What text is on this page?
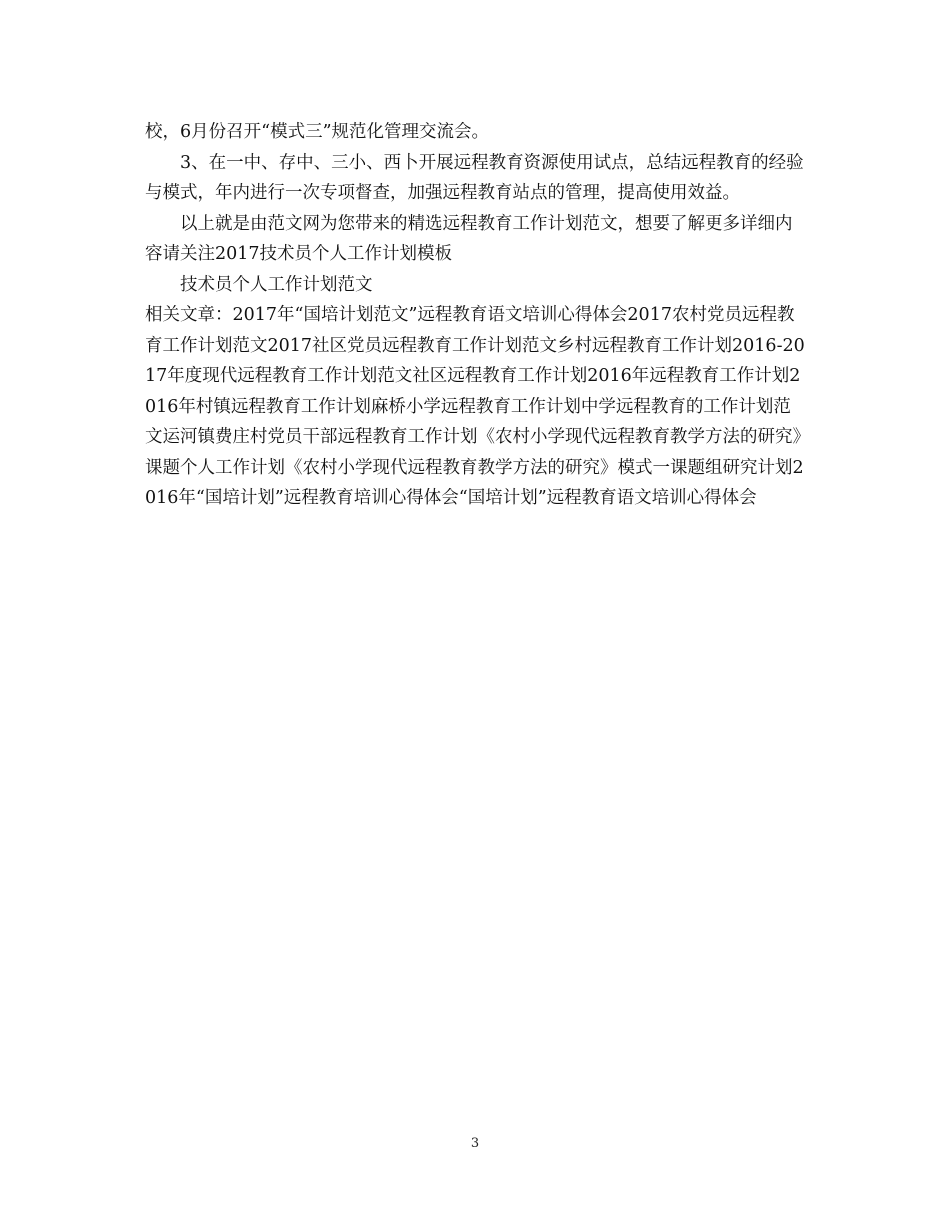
校，6月份召开“模式三”规范化管理交流会。

3、在一中、存中、三小、西卜开展远程教育资源使用试点，总结远程教育的经验与模式，年内进行一次专项督查，加强远程教育站点的管理，提高使用效益。

以上就是由范文网为您带来的精选远程教育工作计划范文，想要了解更多详细内容请关注2017技术员个人工作计划模板

技术员个人工作计划范文

相关文章：2017年“国培计划范文”远程教育语文培训心得体会2017农村党员远程教育工作计划范文2017社区党员远程教育工作计划范文乡村远程教育工作计划2016-2017年度现代远程教育工作计划范文社区远程教育工作计划2016年远程教育工作计划2016年村镇远程教育工作计划麻桥小学远程教育工作计划中学远程教育的工作计划范文运河镇费庄村党员干部远程教育工作计划《农村小学现代远程教育教学方法的研究》课题个人工作计划《农村小学现代远程教育教学方法的研究》模式一课题组研究计划2016年“国培计划”远程教育培训心得体会“国培计划”远程教育语文培训心得体会

3
